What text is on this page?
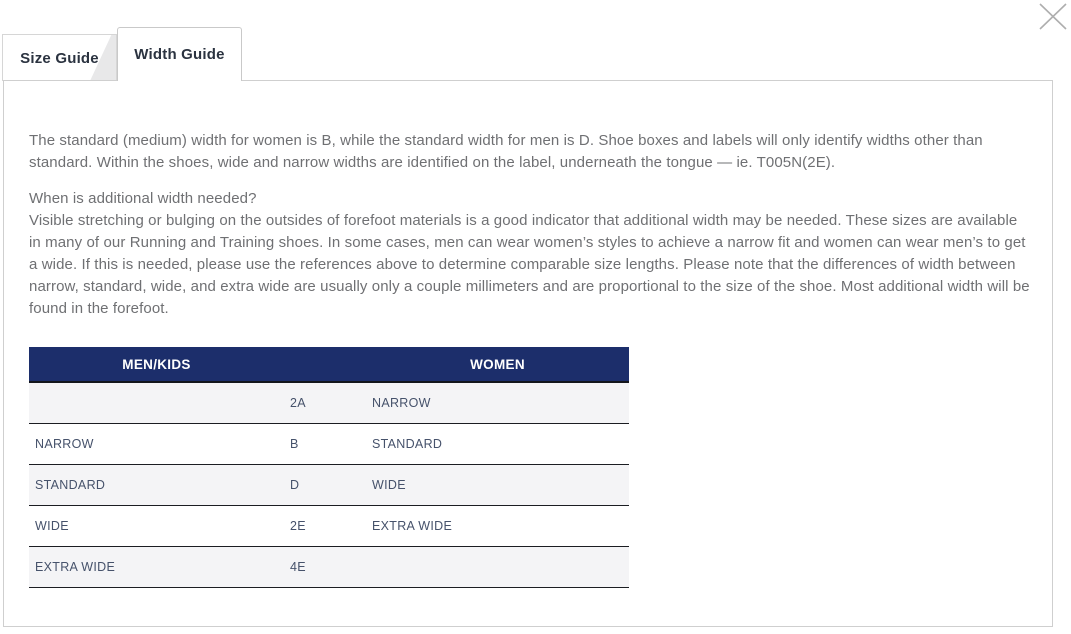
Size Guide Width Guide

The standard (medium) width for women is B, while the standard width for men is D. Shoe boxes and labels will only identify widths other than standard. Within the shoes, wide and narrow widths are identified on the label, underneath the tongue — ie. T005N(2E).

When is additional width needed?
Visible stretching or bulging on the outsides of forefoot materials is a good indicator that additional width may be needed. These sizes are available in many of our Running and Training shoes. In some cases, men can wear women’s styles to achieve a narrow fit and women can wear men’s to get a wide. If this is needed, please use the references above to determine comparable size lengths. Please note that the differences of width between narrow, standard, wide, and extra wide are usually only a couple millimeters and are proportional to the size of the shoe. Most additional width will be found in the forefoot.
MEN/KIDS		WOMEN
	2A	NARROW
NARROW	B	STANDARD
STANDARD	D	WIDE
WIDE	2E	EXTRA WIDE
EXTRA WIDE	4E	
